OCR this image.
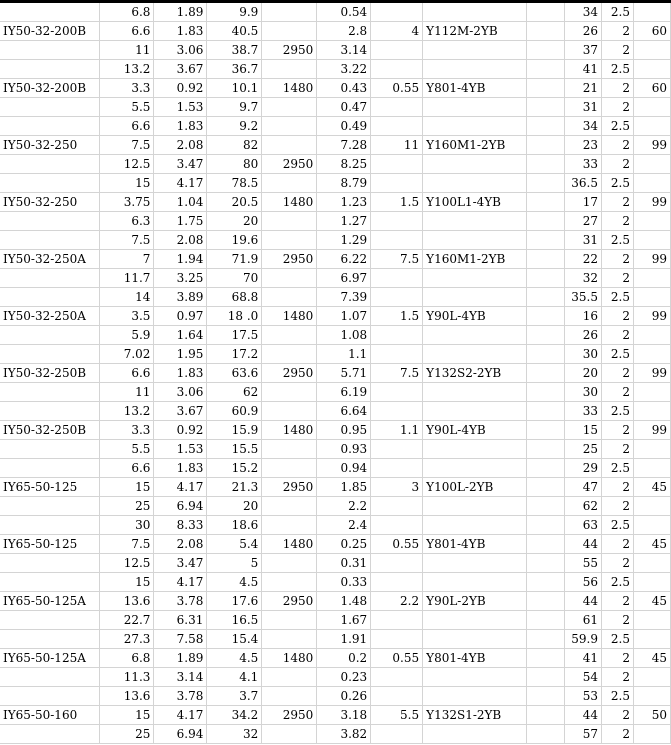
	6.8	1.89	9.9		0.54				34	2.5	
IY50-32-200B	6.6	1.83	40.5		2.8	4	Y112M-2YB		26	2	60
	11	3.06	38.7	2950	3.14				37	2	
	13.2	3.67	36.7		3.22				41	2.5	
IY50-32-200B	3.3	0.92	10.1	1480	0.43	0.55	Y801-4YB		21	2	60
	5.5	1.53	9.7		0.47				31	2	
	6.6	1.83	9.2		0.49				34	2.5	
IY50-32-250	7.5	2.08	82		7.28	11	Y160M1-2YB		23	2	99
	12.5	3.47	80	2950	8.25				33	2	
	15	4.17	78.5		8.79				36.5	2.5	
IY50-32-250	3.75	1.04	20.5	1480	1.23	1.5	Y100L1-4YB		17	2	99
	6.3	1.75	20		1.27				27	2	
	7.5	2.08	19.6		1.29				31	2.5	
IY50-32-250A	7	1.94	71.9	2950	6.22	7.5	Y160M1-2YB		22	2	99
	11.7	3.25	70		6.97				32	2	
	14	3.89	68.8		7.39				35.5	2.5	
IY50-32-250A	3.5	0.97	18 .0	1480	1.07	1.5	Y90L-4YB		16	2	99
	5.9	1.64	17.5		1.08				26	2	
	7.02	1.95	17.2		1.1				30	2.5	
IY50-32-250B	6.6	1.83	63.6	2950	5.71	7.5	Y132S2-2YB		20	2	99
	11	3.06	62		6.19				30	2	
	13.2	3.67	60.9		6.64				33	2.5	
IY50-32-250B	3.3	0.92	15.9	1480	0.95	1.1	Y90L-4YB		15	2	99
	5.5	1.53	15.5		0.93				25	2	
	6.6	1.83	15.2		0.94				29	2.5	
IY65-50-125	15	4.17	21.3	2950	1.85	3	Y100L-2YB		47	2	45
	25	6.94	20		2.2				62	2	
	30	8.33	18.6		2.4				63	2.5	
IY65-50-125	7.5	2.08	5.4	1480	0.25	0.55	Y801-4YB		44	2	45
	12.5	3.47	5		0.31				55	2	
	15	4.17	4.5		0.33				56	2.5	
IY65-50-125A	13.6	3.78	17.6	2950	1.48	2.2	Y90L-2YB		44	2	45
	22.7	6.31	16.5		1.67				61	2	
	27.3	7.58	15.4		1.91				59.9	2.5	
IY65-50-125A	6.8	1.89	4.5	1480	0.2	0.55	Y801-4YB		41	2	45
	11.3	3.14	4.1		0.23				54	2	
	13.6	3.78	3.7		0.26				53	2.5	
IY65-50-160	15	4.17	34.2	2950	3.18	5.5	Y132S1-2YB		44	2	50
	25	6.94	32		3.82				57	2	
